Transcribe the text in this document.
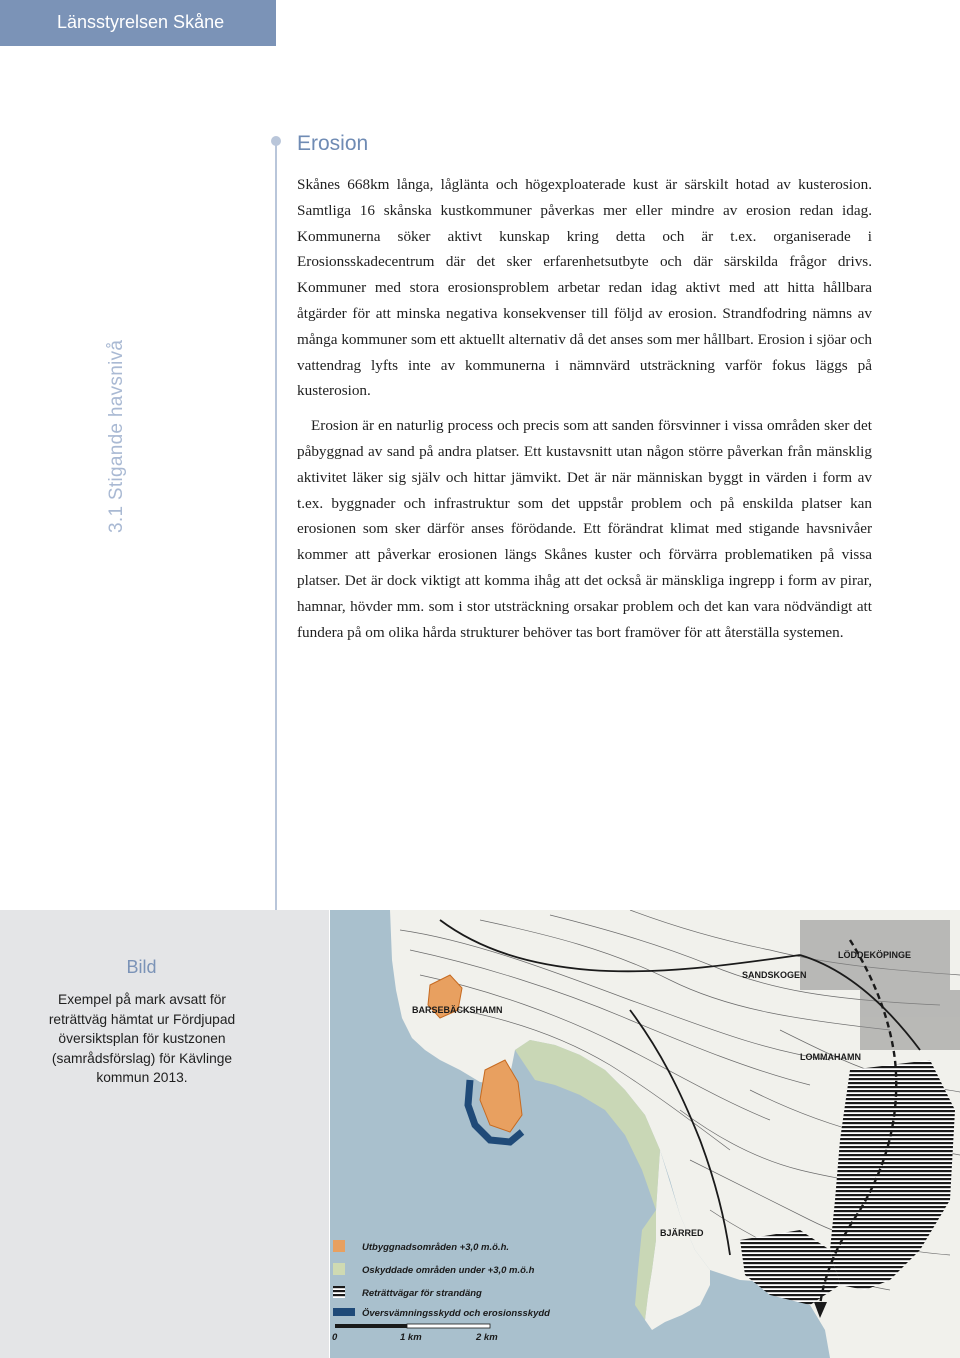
Länsstyrelsen Skåne
3.1 Stigande havsnivå
Erosion

Skånes 668km långa, låglänta och högexploaterade kust är särskilt hotad av kusterosion. Samtliga 16 skånska kustkommuner påverkas mer eller mindre av erosion redan idag. Kommunerna söker aktivt kunskap kring detta och är t.ex. organiserade i Erosionsskadecentrum där det sker erfarenhetsutbyte och där särskilda frågor drivs. Kommuner med stora erosionsproblem arbetar redan idag aktivt med att hitta hållbara åtgärder för att minska negativa konsekvenser till följd av erosion. Strandfodring nämns av många kommuner som ett aktuellt alternativ då det anses som mer hållbart. Erosion i sjöar och vattendrag lyfts inte av kommunerna i nämnvärd utsträckning varför fokus läggs på kusterosion.

Erosion är en naturlig process och precis som att sanden försvinner i vissa områden sker det påbyggnad av sand på andra platser. Ett kustavsnitt utan någon större påverkan från mänsklig aktivitet läker sig själv och hittar jämvikt. Det är när människan byggt in värden i form av t.ex. byggnader och infrastruktur som det uppstår problem och på enskilda platser kan erosionen som sker därför anses förödande. Ett förändrat klimat med stigande havsnivåer kommer att påverkar erosionen längs Skånes kuster och förvärra problematiken på vissa platser. Det är dock viktigt att komma ihåg att det också är mänskliga ingrepp i form av pirar, hamnar, hövder mm. som i stor utsträckning orsakar problem och det kan vara nödvändigt att fundera på om olika hårda strukturer behöver tas bort framöver för att återställa systemen.

Bild
Exempel på mark avsatt för reträttväg hämtat ur Fördjupad översiktsplan för kustzonen (samrådsförslag) för Kävlinge kommun 2013.
BARSEBÄCKSHAMN
SANDSKOGEN
LÖDDEKÖPINGE
LOMMAHAMN
BJÄRRED
Utbyggnadsområden +3,0 m.ö.h.
Oskyddade områden under +3,0 m.ö.h
Reträttvägar för strandäng
Översvämningsskydd och erosionsskydd
0	1 km	2 km
